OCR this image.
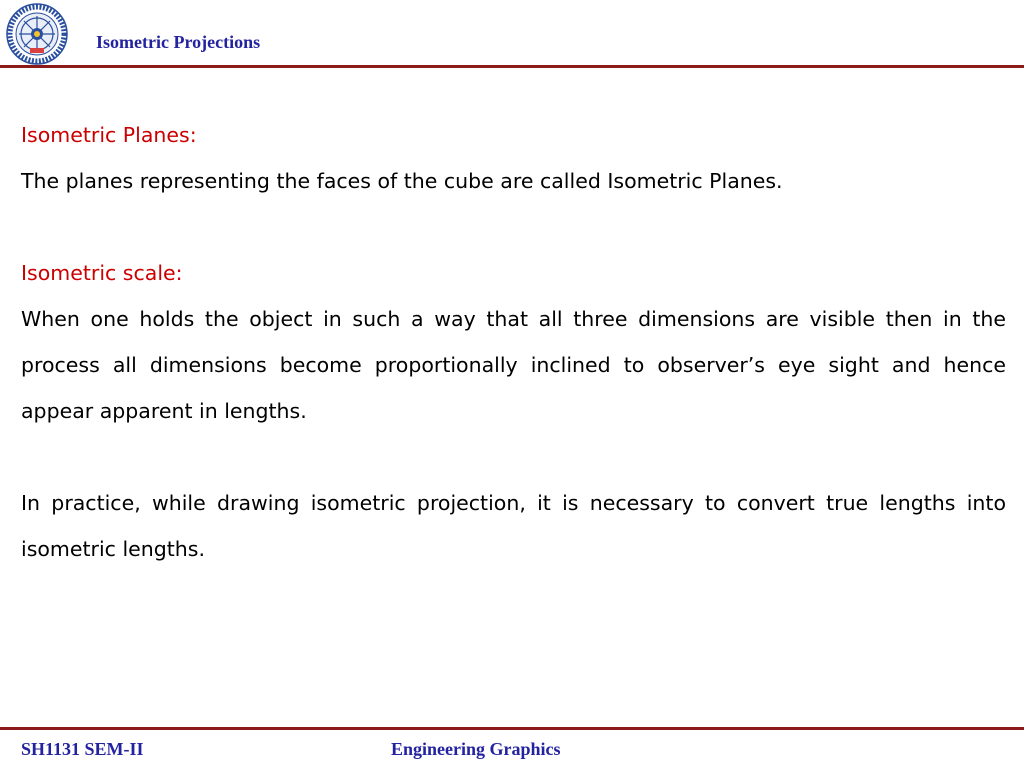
Isometric Projections

Isometric Planes:

The planes representing the faces of the cube are called Isometric Planes.

Isometric scale:

When one holds the object in such a way that all three dimensions are visible then in the process all dimensions become proportionally inclined to observer’s eye sight and hence appear apparent in lengths.

In practice, while drawing isometric projection, it is necessary to convert true lengths into isometric lengths.

SH1131 SEM-II	Engineering Graphics
